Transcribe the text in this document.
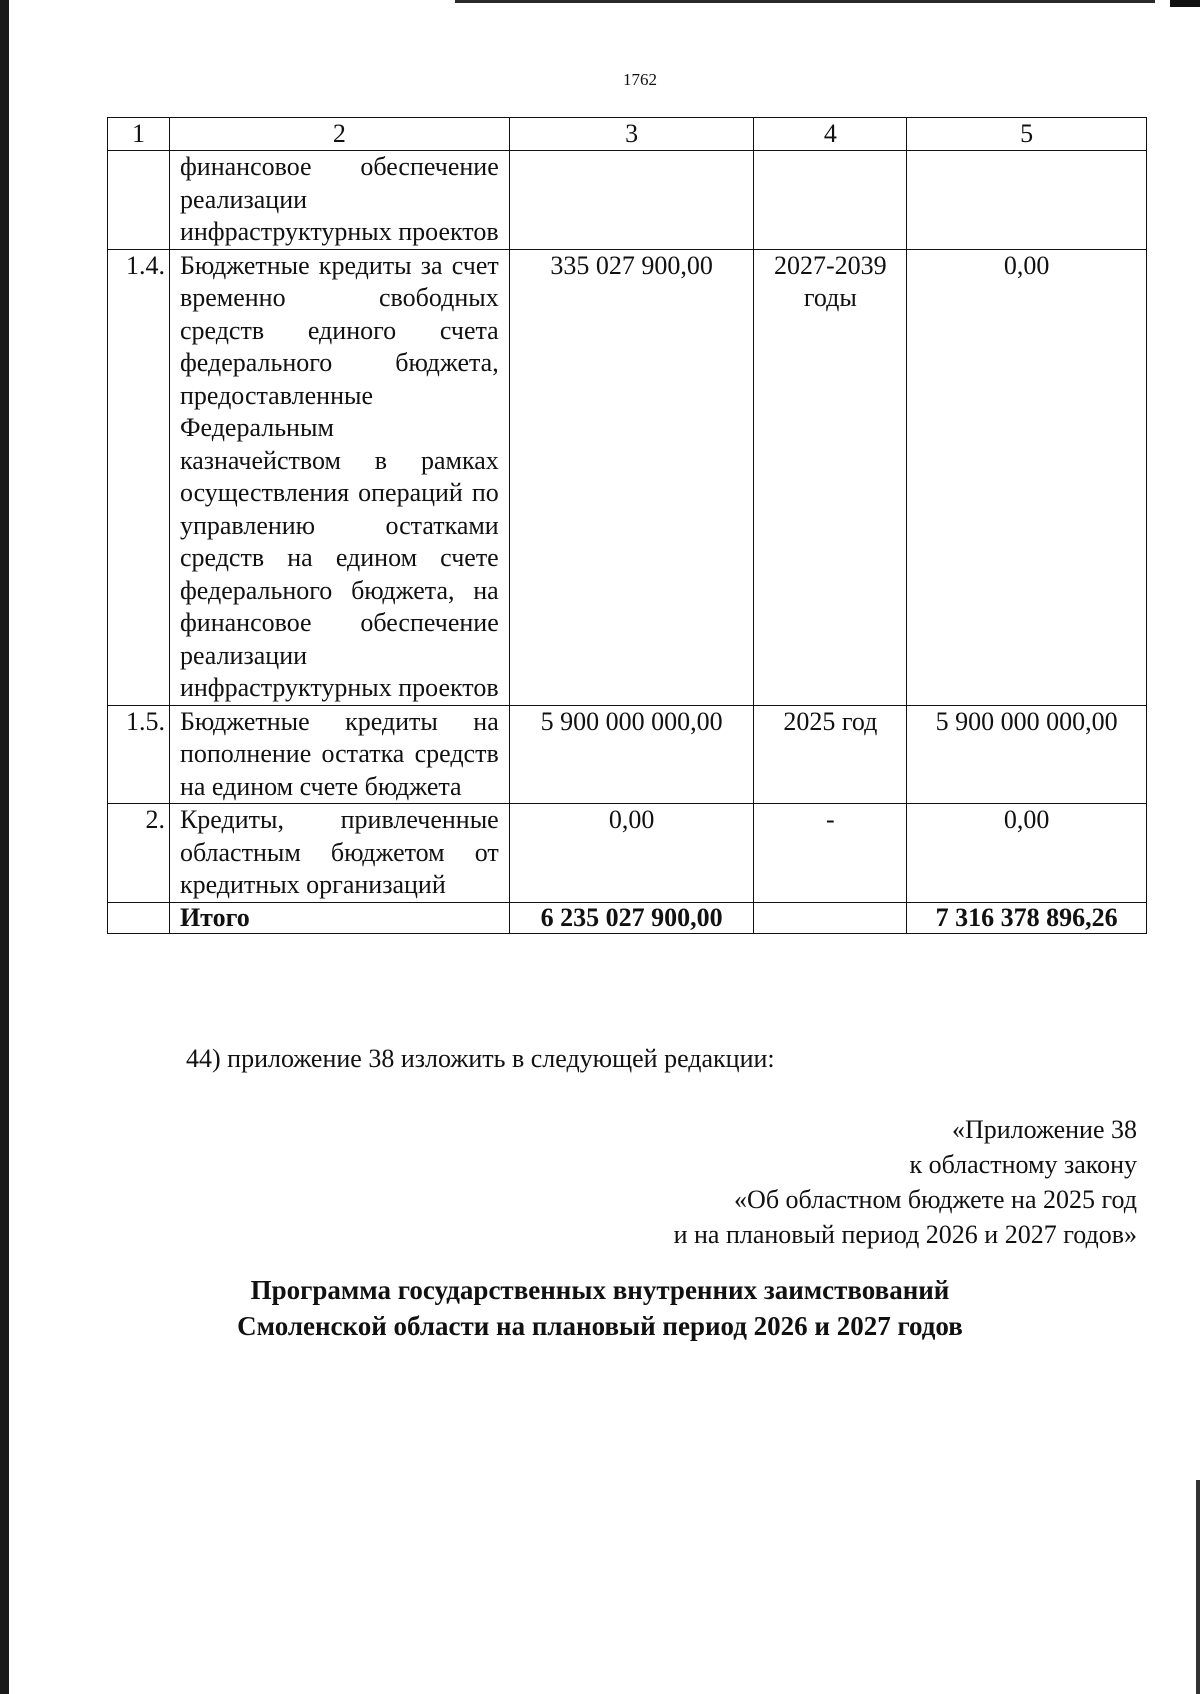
1762
1	2	3	4	5
	финансовое обеспечение реализации инфраструктурных проектов			
1.4.	Бюджетные кредиты за счет временно свободных средств единого счета федерального бюджета, предоставленные Федеральным казначейством в рамках осуществления операций по управлению остатками средств на едином счете федерального бюджета, на финансовое обеспечение реализации инфраструктурных проектов	335 027 900,00	2027-2039 годы	0,00
1.5.	Бюджетные кредиты на пополнение остатка средств на едином счете бюджета	5 900 000 000,00	2025 год	5 900 000 000,00
2.	Кредиты, привлеченные областным бюджетом от кредитных организаций	0,00	-	0,00
	Итого	6 235 027 900,00		7 316 378 896,26
44) приложение 38 изложить в следующей редакции:
«Приложение 38
к областному закону
«Об областном бюджете на 2025 год
и на плановый период 2026 и 2027 годов»
Программа государственных внутренних заимствований
Смоленской области на плановый период 2026 и 2027 годов
